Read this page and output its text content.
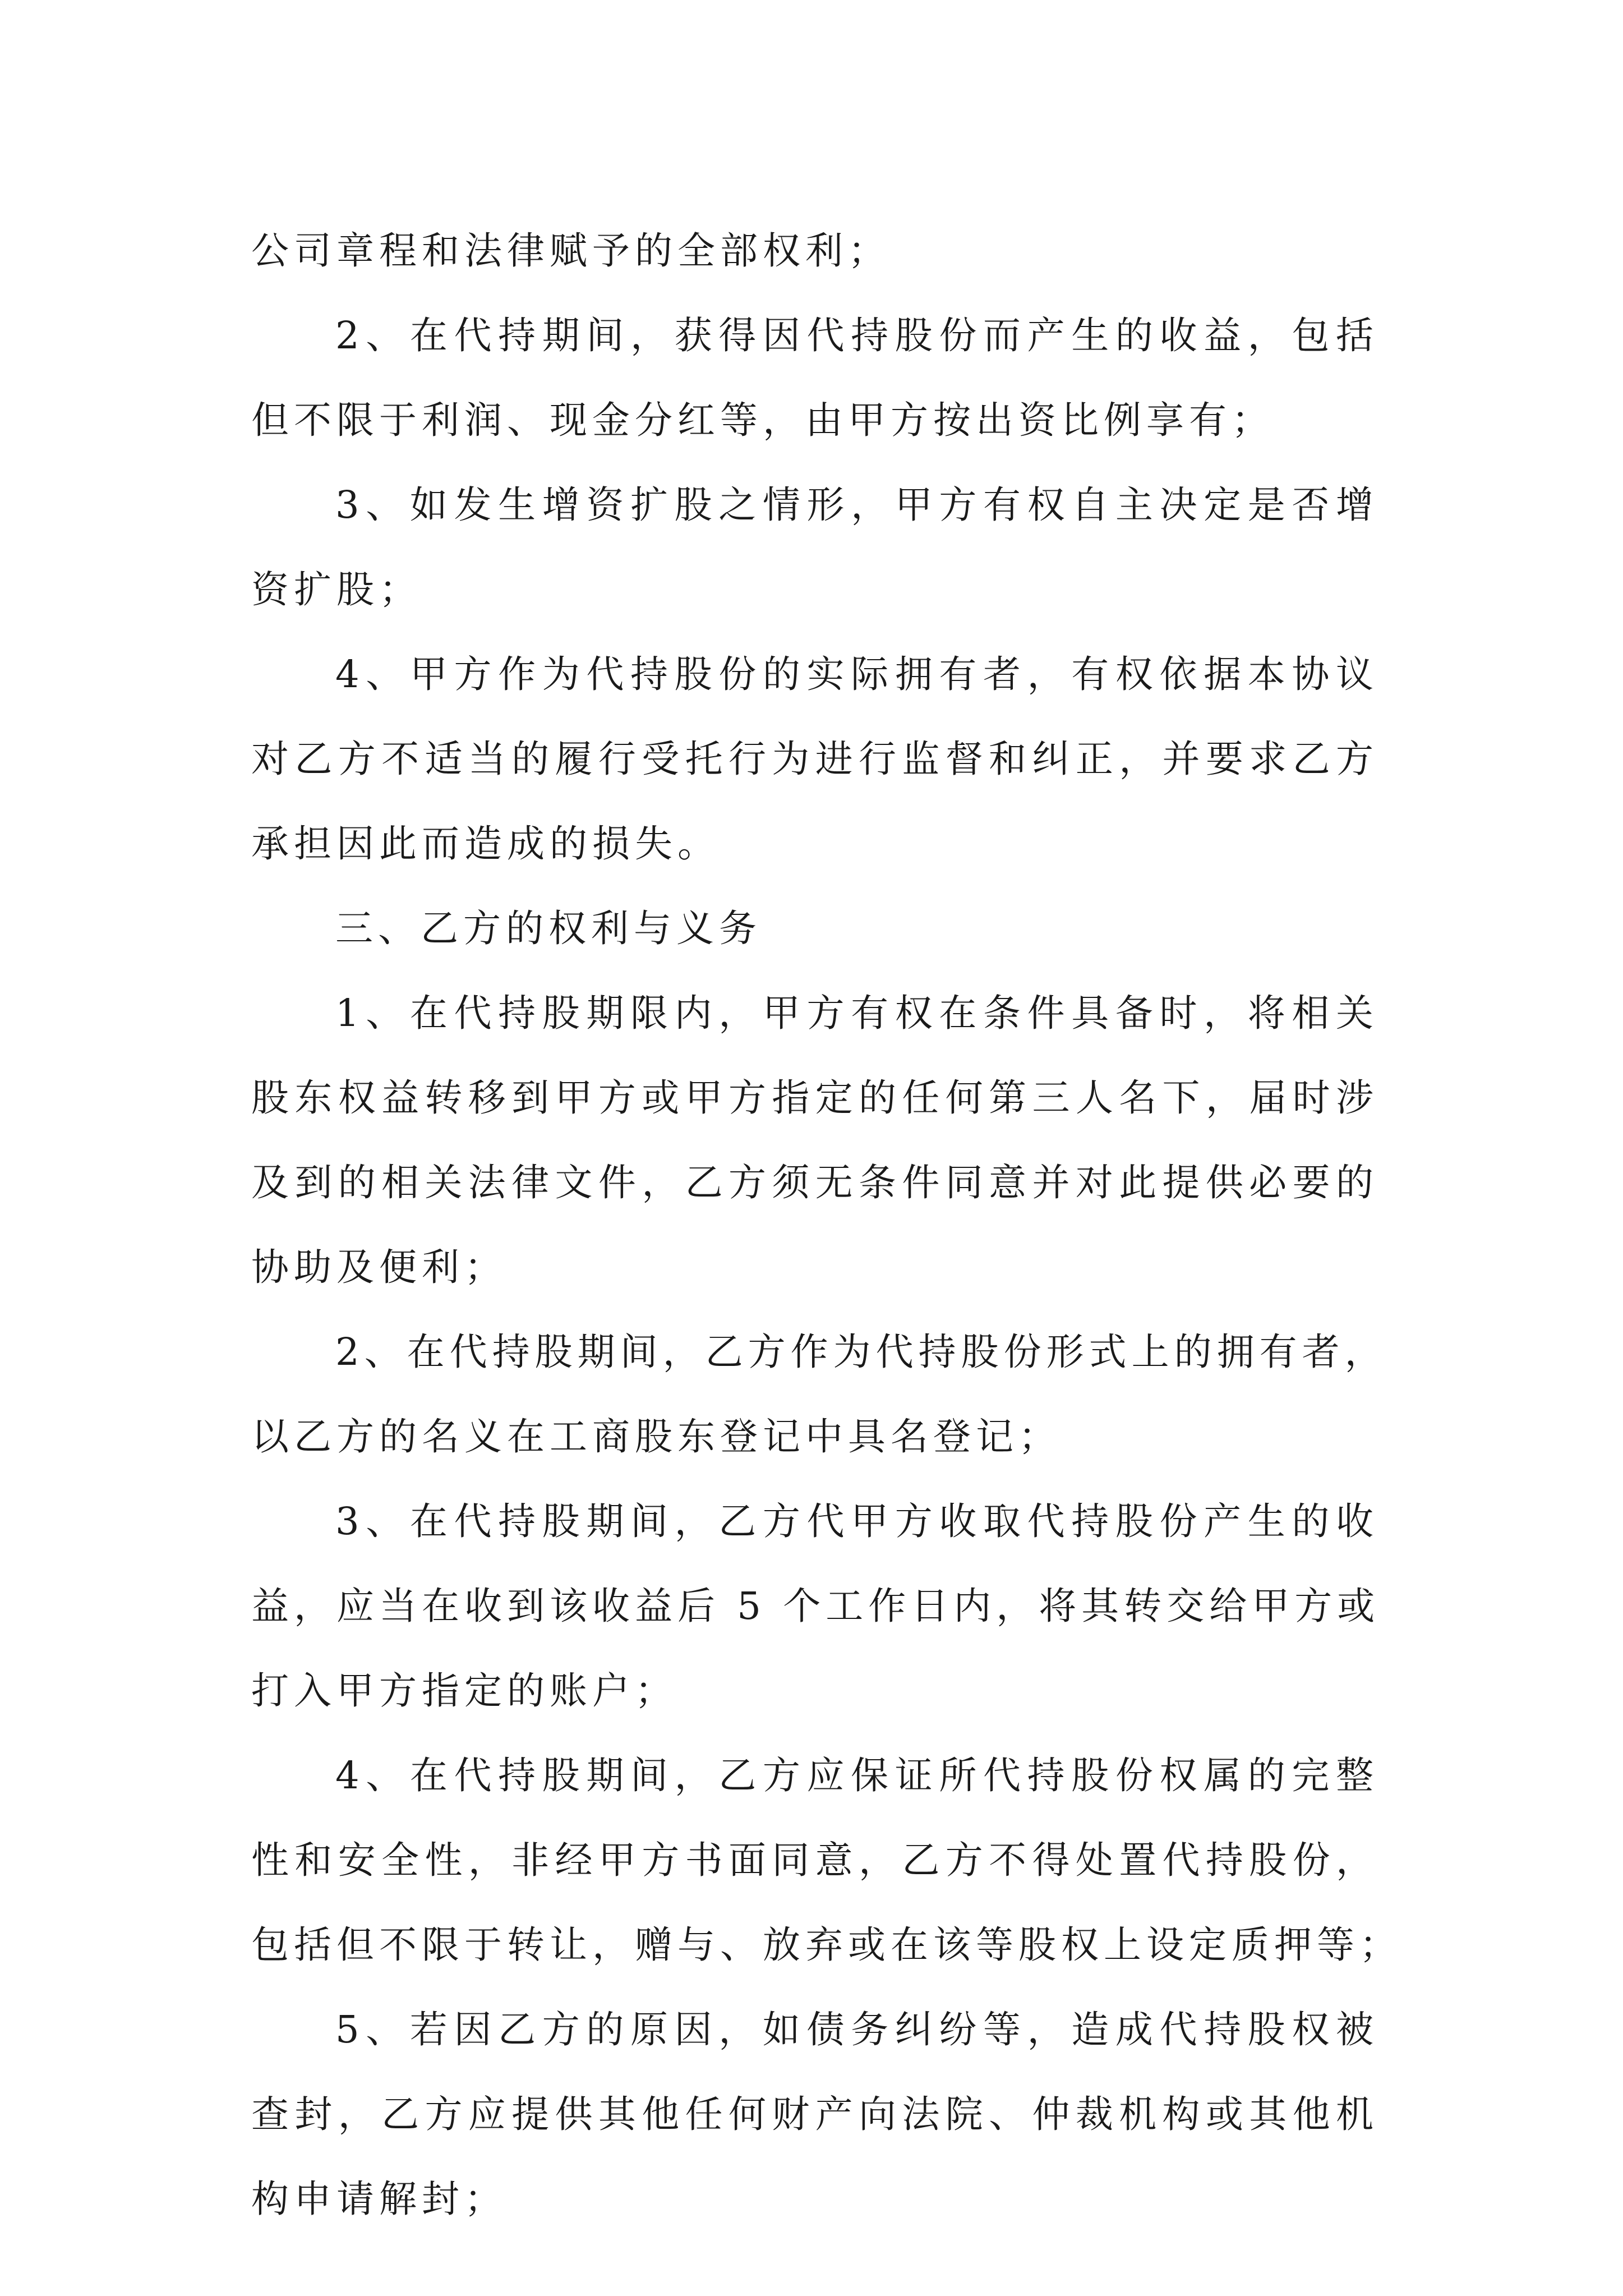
公司章程和法律赋予的全部权利；

2、在代持期间，获得因代持股份而产生的收益，包括
但不限于利润、现金分红等，由甲方按出资比例享有；

3、如发生增资扩股之情形，甲方有权自主决定是否增
资扩股；

4、甲方作为代持股份的实际拥有者，有权依据本协议
对乙方不适当的履行受托行为进行监督和纠正，并要求乙方
承担因此而造成的损失。

三、乙方的权利与义务

1、在代持股期限内，甲方有权在条件具备时，将相关
股东权益转移到甲方或甲方指定的任何第三人名下，届时涉
及到的相关法律文件，乙方须无条件同意并对此提供必要的
协助及便利；

2、在代持股期间，乙方作为代持股份形式上的拥有者，
以乙方的名义在工商股东登记中具名登记；

3、在代持股期间，乙方代甲方收取代持股份产生的收
益，应当在收到该收益后 5 个工作日内，将其转交给甲方或
打入甲方指定的账户；

4、在代持股期间，乙方应保证所代持股份权属的完整
性和安全性，非经甲方书面同意，乙方不得处置代持股份，
包括但不限于转让，赠与、放弃或在该等股权上设定质押等；

5、若因乙方的原因，如债务纠纷等，造成代持股权被
查封，乙方应提供其他任何财产向法院、仲裁机构或其他机
构申请解封；
